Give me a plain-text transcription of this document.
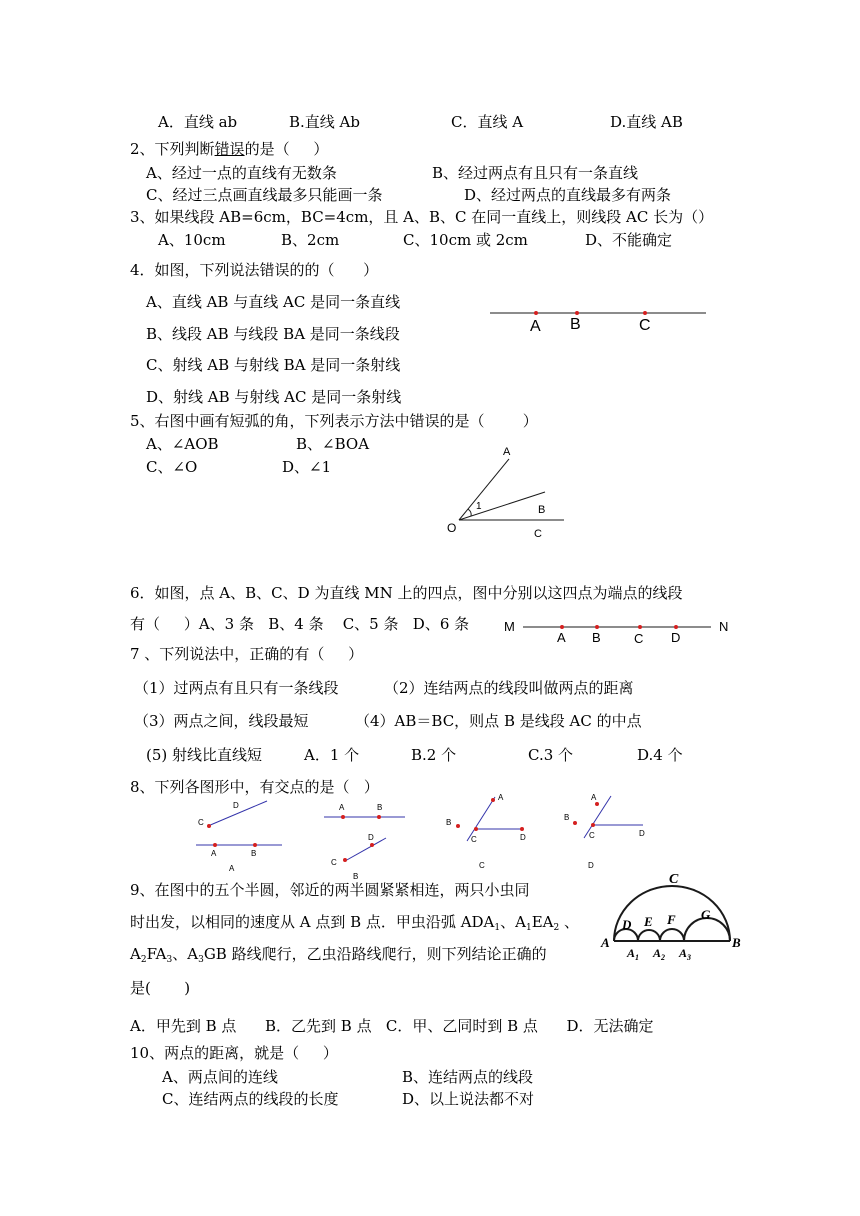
A．直线 ab	B.直线 Ab	C．直线 A	D.直线 AB
2、下列判断错误的是（     ）
A、经过一点的直线有无数条	B、经过两点有且只有一条直线
C、经过三点画直线最多只能画一条	D、经过两点的直线最多有两条
3、如果线段 AB=6cm，BC=4cm，且 A、B、C 在同一直线上，则线段 AC 长为（）
A、10cm	B、2cm	C、10cm 或 2cm	D、不能确定
4．如图，下列说法错误的的（      ）
A、直线 AB 与直线 AC 是同一条直线
B、线段 AB 与线段 BA 是同一条线段
C、射线 AB 与射线 BA 是同一条射线
D、射线 AB 与射线 AC 是同一条射线
A B	C
5、右图中画有短弧的角，下列表示方法中错误的是（        ）
A、∠AOB	B、∠BOA
C、∠O	D、∠1
A
B
C
O
1
6．如图，点 A、B、C、D 为直线 MN 上的四点，图中分别以这四点为端点的线段
有（     ）A、3 条   B、4 条    C、5 条   D、6 条	M
A B	C D
N
7 、下列说法中，正确的有（     ）
（1）过两点有且只有一条线段	（2）连结两点的线段叫做两点的距离
（3）两点之间，线段最短	（4）AB＝BC，则点 B 是线段 AC 的中点
(5) 射线比直线短	A．1 个	B.2 个	C.3 个	D.4 个
8、下列各图形中，有交点的是（   ）
D
C
A	B
A
A	B
D
C
B
A
B
C	D
C
A
B
C	D
D
9、在图中的五个半圆，邻近的两半圆紧紧相连，两只小虫同
时出发，以相同的速度从 A 点到 B 点．甲虫沿弧 $ADA_1$、$A_1EA_2$ 、
$A_2FA_3$、$A_3GB$ 路线爬行，乙虫沿路线爬行，则下列结论正确的
是(       )
A．甲先到 B 点      B．乙先到 B 点   C．甲、乙同时到 B 点      D．无法确定
C
D E F G
A	B
$A_1$ $A_2$ $A_3$
10、两点的距离，就是（     ）
A、两点间的连线	B、连结两点的线段
C、连结两点的线段的长度	D、以上说法都不对
